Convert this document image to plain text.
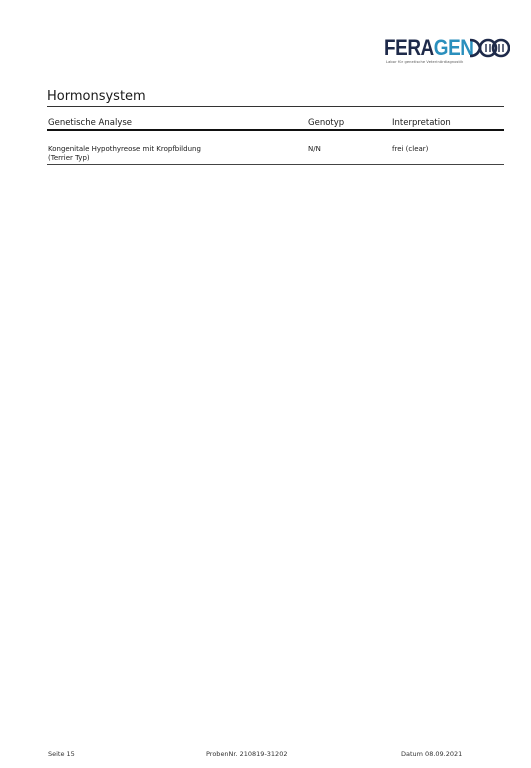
FERAGEN
Labor für genetische Veterinärdiagnostik
Hormonsystem
Genetische Analyse	Genotyp	Interpretation
Kongenitale Hypothyreose mit Kropfbildung
(Terrier Typ)
N/N	frei (clear)
Seite 15	ProbenNr. 210819-31202	Datum 08.09.2021
